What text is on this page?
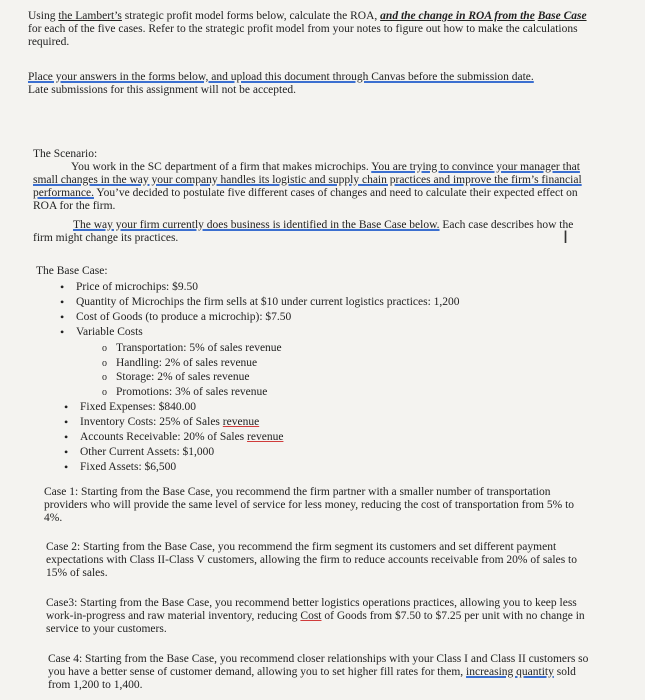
Using the Lambert’s strategic profit model forms below, calculate the ROA, and the change in ROA from the Base Case for each of the five cases. Refer to the strategic profit model from your notes to figure out how to make the calculations required.

Place your answers in the forms below, and upload this document through Canvas before the submission date.
Late submissions for this assignment will not be accepted.

The Scenario:

You work in the SC department of a firm that makes microchips. You are trying to convince your manager that small changes in the way your company handles its logistic and supply chain practices and improve the firm’s financial performance. You’ve decided to postulate five different cases of changes and need to calculate their expected effect on ROA for the firm.

The way your firm currently does business is identified in the Base Case below. Each case describes how the firm might change its practices.	I

The Base Case:

• Price of microchips: $9.50
• Quantity of Microchips the firm sells at $10 under current logistics practices: 1,200
• Cost of Goods (to produce a microchip): $7.50
• Variable Costs
o Transportation: 5% of sales revenue
o Handling: 2% of sales revenue
o Storage: 2% of sales revenue
o Promotions: 3% of sales revenue
• Fixed Expenses: $840.00
• Inventory Costs: 25% of Sales revenue
• Accounts Receivable: 20% of Sales revenue
• Other Current Assets: $1,000
• Fixed Assets: $6,500

Case 1: Starting from the Base Case, you recommend the firm partner with a smaller number of transportation providers who will provide the same level of service for less money, reducing the cost of transportation from 5% to 4%.

Case 2: Starting from the Base Case, you recommend the firm segment its customers and set different payment expectations with Class II-Class V customers, allowing the firm to reduce accounts receivable from 20% of sales to 15% of sales.

Case3: Starting from the Base Case, you recommend better logistics operations practices, allowing you to keep less work-in-progress and raw material inventory, reducing Cost of Goods from $7.50 to $7.25 per unit with no change in service to your customers.

Case 4: Starting from the Base Case, you recommend closer relationships with your Class I and Class II customers so you have a better sense of customer demand, allowing you to set higher fill rates for them, increasing quantity sold from 1,200 to 1,400.
